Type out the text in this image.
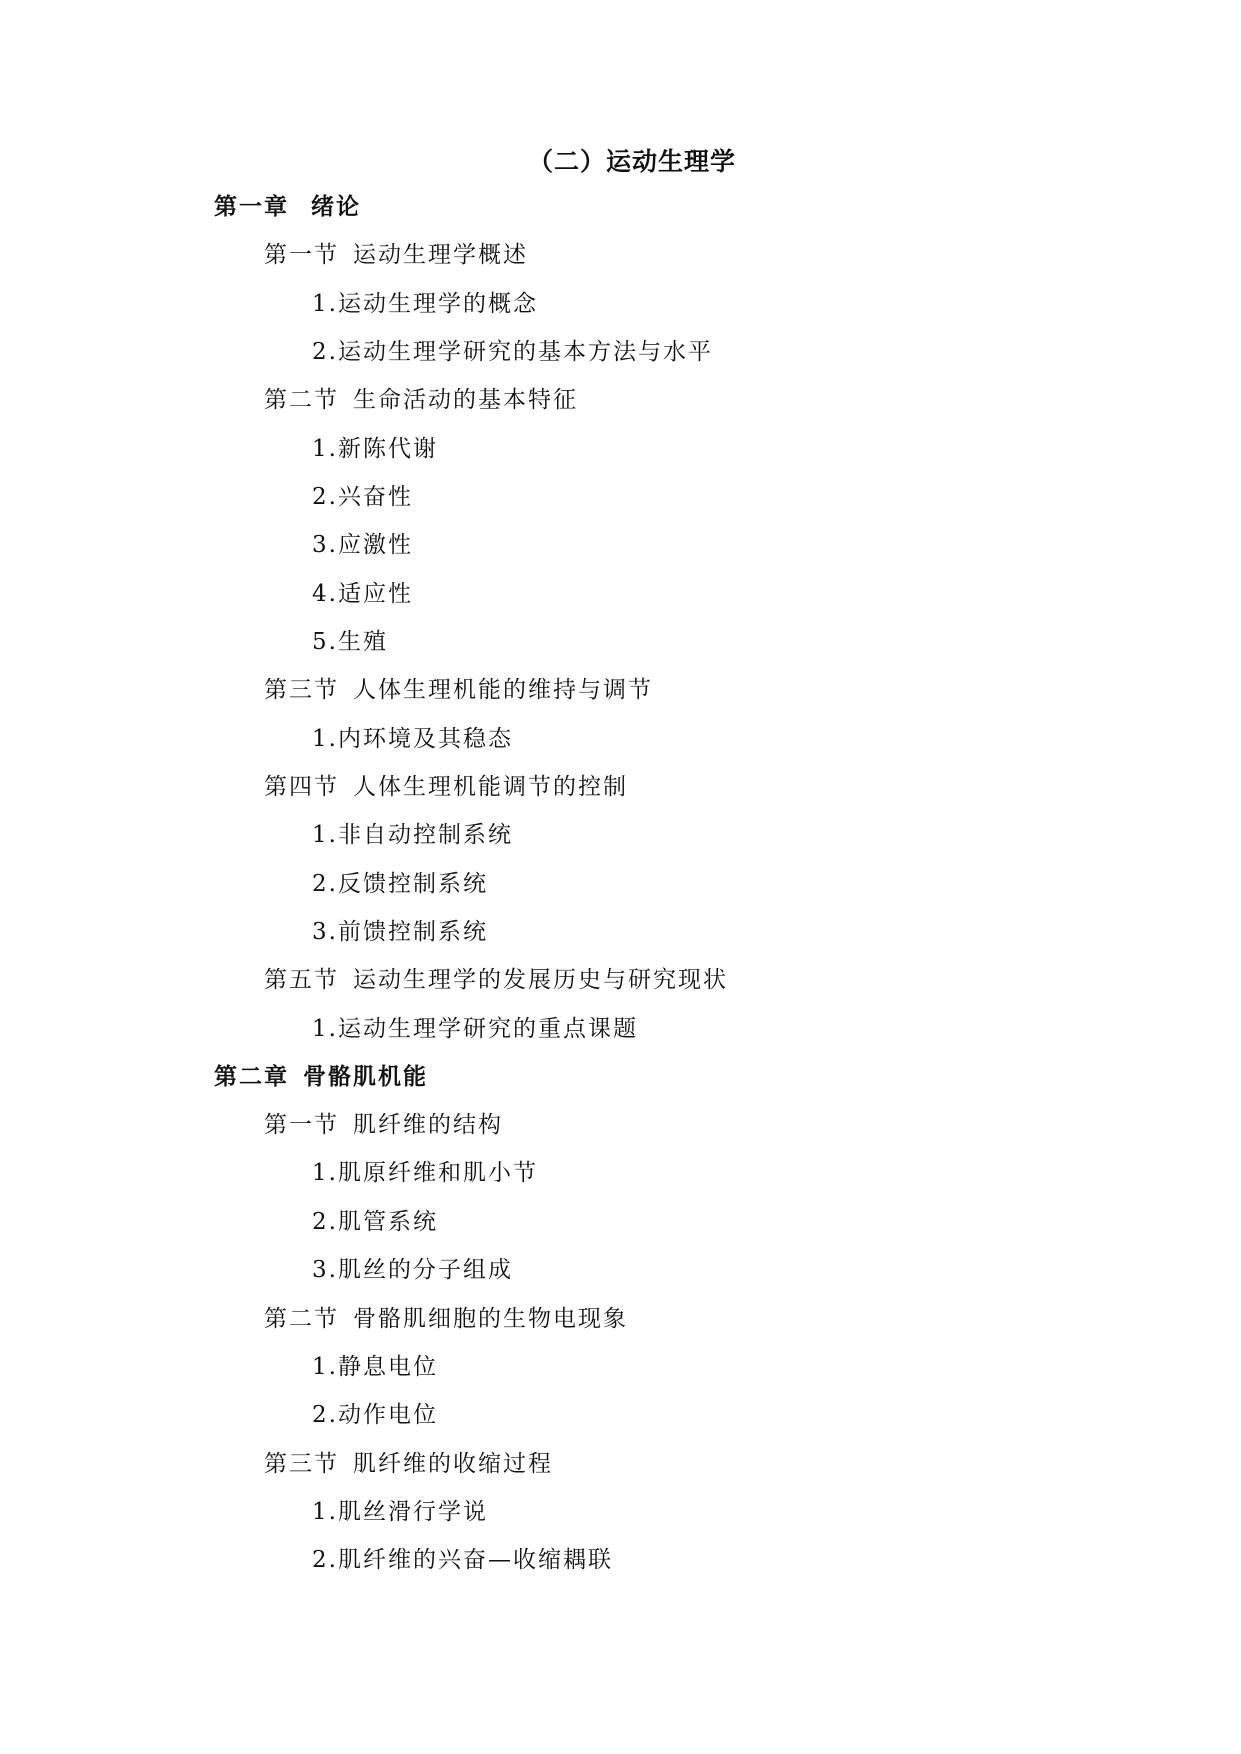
（二）运动生理学
第一章 绪论
第一节 运动生理学概述
1.运动生理学的概念
2.运动生理学研究的基本方法与水平
第二节 生命活动的基本特征
1.新陈代谢
2.兴奋性
3.应激性
4.适应性
5.生殖
第三节 人体生理机能的维持与调节
1.内环境及其稳态
第四节 人体生理机能调节的控制
1.非自动控制系统
2.反馈控制系统
3.前馈控制系统
第五节 运动生理学的发展历史与研究现状
1.运动生理学研究的重点课题
第二章 骨骼肌机能
第一节 肌纤维的结构
1.肌原纤维和肌小节
2.肌管系统
3.肌丝的分子组成
第二节 骨骼肌细胞的生物电现象
1.静息电位
2.动作电位
第三节 肌纤维的收缩过程
1.肌丝滑行学说
2.肌纤维的兴奋—收缩耦联
